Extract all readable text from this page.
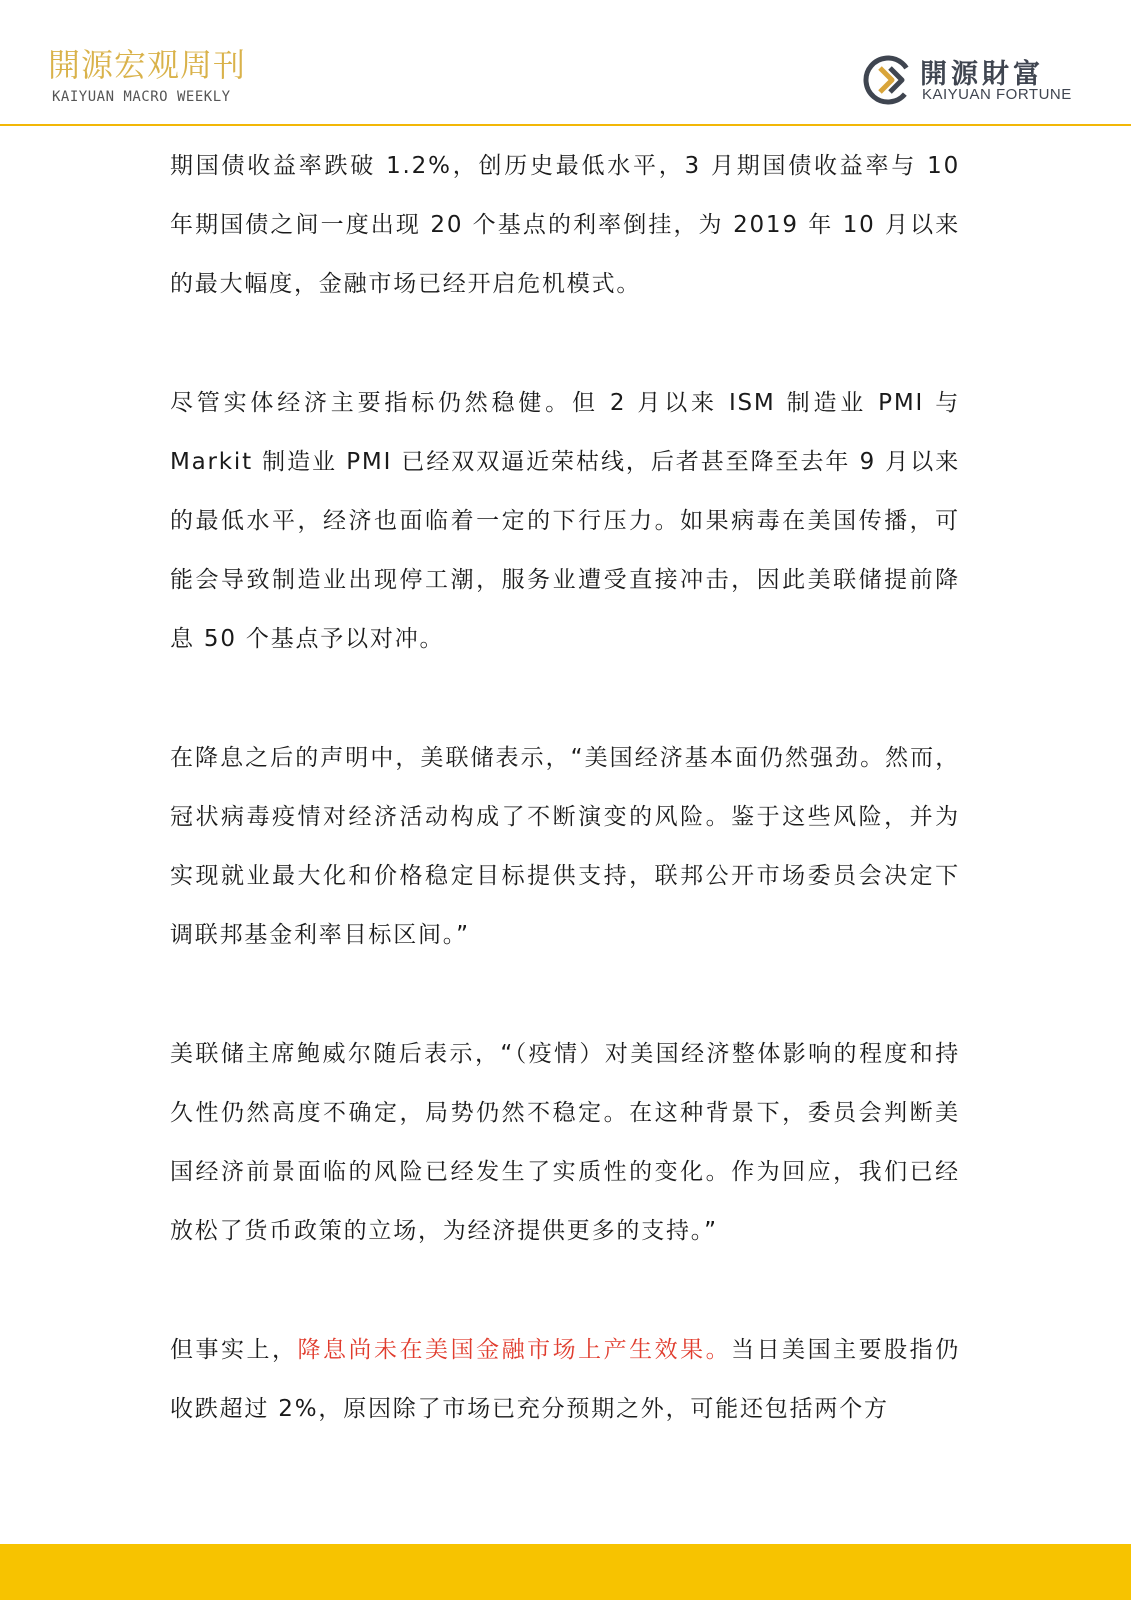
開源宏观周刊
KAIYUAN MACRO WEEKLY
開源財富
KAIYUAN FORTUNE

期国债收益率跌破 1.2%，创历史最低水平，3 月期国债收益率与 10 年期国债之间一度出现 20 个基点的利率倒挂，为 2019 年 10 月以来的最大幅度，金融市场已经开启危机模式。

尽管实体经济主要指标仍然稳健。但 2 月以来 ISM 制造业 PMI 与 Markit 制造业 PMI 已经双双逼近荣枯线，后者甚至降至去年 9 月以来的最低水平，经济也面临着一定的下行压力。如果病毒在美国传播，可能会导致制造业出现停工潮，服务业遭受直接冲击，因此美联储提前降息 50 个基点予以对冲。

在降息之后的声明中，美联储表示，“美国经济基本面仍然强劲。然而，冠状病毒疫情对经济活动构成了不断演变的风险。鉴于这些风险，并为实现就业最大化和价格稳定目标提供支持，联邦公开市场委员会决定下调联邦基金利率目标区间。”

美联储主席鲍威尔随后表示，“（疫情）对美国经济整体影响的程度和持久性仍然高度不确定，局势仍然不稳定。在这种背景下，委员会判断美国经济前景面临的风险已经发生了实质性的变化。作为回应，我们已经放松了货币政策的立场，为经济提供更多的支持。”

但事实上，降息尚未在美国金融市场上产生效果。当日美国主要股指仍收跌超过 2%，原因除了市场已充分预期之外，可能还包括两个方
